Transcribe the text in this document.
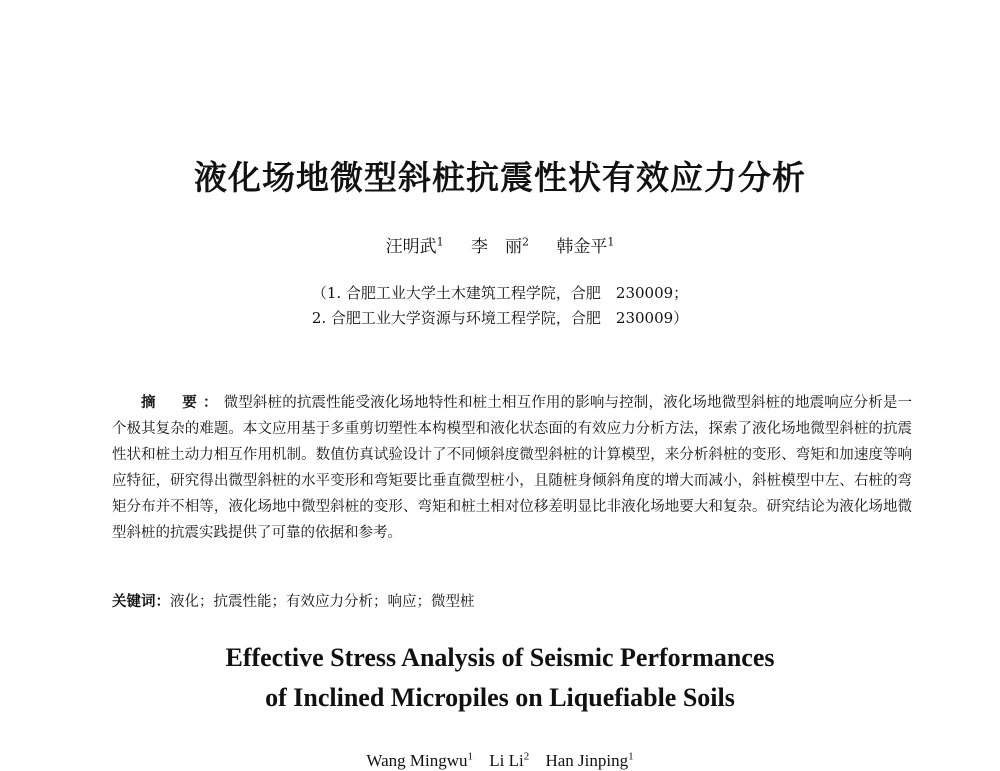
液化场地微型斜桩抗震性状有效应力分析
汪明武$^1$ 李　丽$^2$ 韩金平$^1$
（1. 合肥工业大学土木建筑工程学院，合肥　230009；
2. 合肥工业大学资源与环境工程学院，合肥　230009）

摘　要：微型斜桩的抗震性能受液化场地特性和桩土相互作用的影响与控制，液化场地微型斜桩的地震响应分析是一个极其复杂的难题。本文应用基于多重剪切塑性本构模型和液化状态面的有效应力分析方法，探索了液化场地微型斜桩的抗震性状和桩土动力相互作用机制。数值仿真试验设计了不同倾斜度微型斜桩的计算模型，来分析斜桩的变形、弯矩和加速度等响应特征，研究得出微型斜桩的水平变形和弯矩要比垂直微型桩小，且随桩身倾斜角度的增大而减小，斜桩模型中左、右桩的弯矩分布并不相等，液化场地中微型斜桩的变形、弯矩和桩土相对位移差明显比非液化场地要大和复杂。研究结论为液化场地微型斜桩的抗震实践提供了可靠的依据和参考。

关键词：液化；抗震性能；有效应力分析；响应；微型桩
Effective Stress Analysis of Seismic Performances
of Inclined Micropiles on Liquefiable Soils
Wang Mingwu$^1$ Li Li$^2$ Han Jinping$^1$
